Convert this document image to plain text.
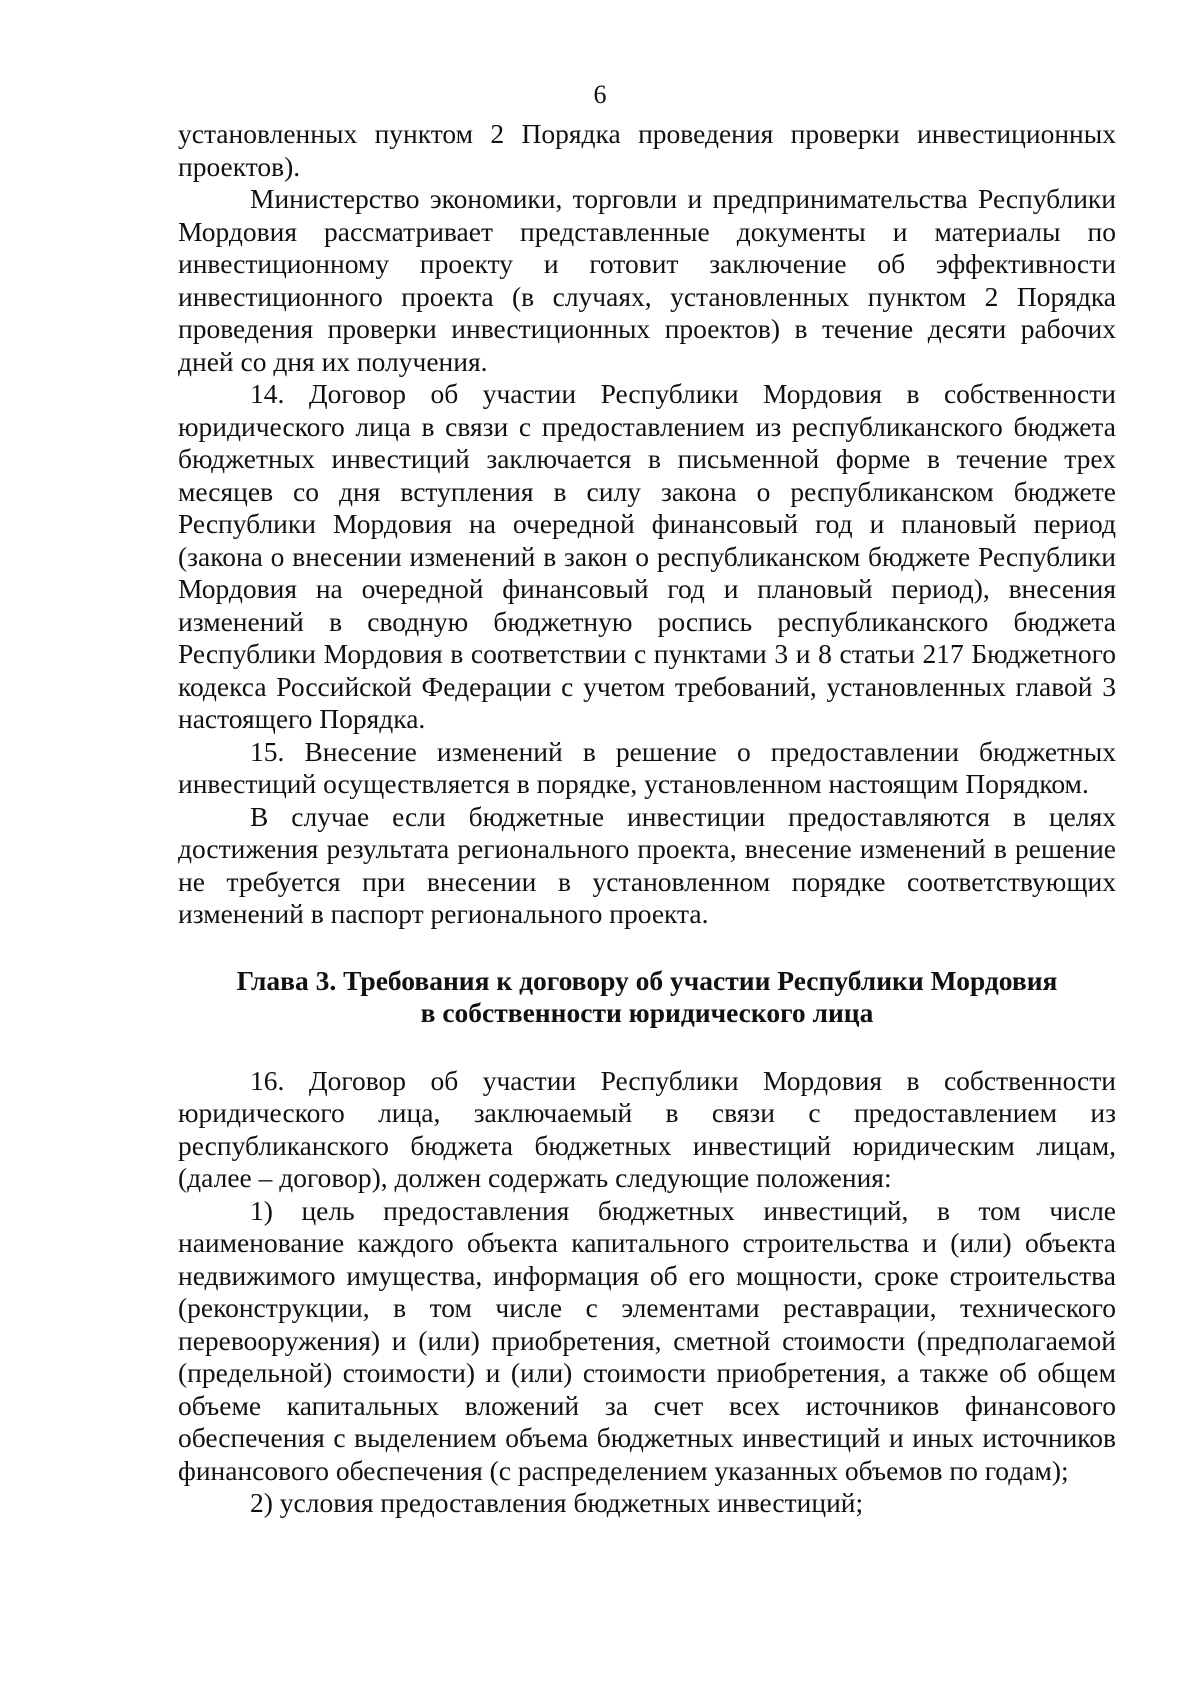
6

установленных пунктом 2 Порядка проведения проверки инвестиционных проектов).

Министерство экономики, торговли и предпринимательства Республики Мордовия рассматривает представленные документы и материалы по инвестиционному проекту и готовит заключение об эффективности инвестиционного проекта (в случаях, установленных пунктом 2 Порядка проведения проверки инвестиционных проектов) в течение десяти рабочих дней со дня их получения.

14. Договор об участии Республики Мордовия в собственности юридического лица в связи с предоставлением из республиканского бюджета бюджетных инвестиций заключается в письменной форме в течение трех месяцев со дня вступления в силу закона о республиканском бюджете Республики Мордовия на очередной финансовый год и плановый период (закона о внесении изменений в закон о республиканском бюджете Республики Мордовия на очередной финансовый год и плановый период), внесения изменений в сводную бюджетную роспись республиканского бюджета Республики Мордовия в соответствии с пунктами 3 и 8 статьи 217 Бюджетного кодекса Российской Федерации с учетом требований, установленных главой 3 настоящего Порядка.

15. Внесение изменений в решение о предоставлении бюджетных инвестиций осуществляется в порядке, установленном настоящим Порядком.

В случае если бюджетные инвестиции предоставляются в целях достижения результата регионального проекта, внесение изменений в решение не требуется при внесении в установленном порядке соответствующих изменений в паспорт регионального проекта.

Глава 3. Требования к договору об участии Республики Мордовия
в собственности юридического лица

16. Договор об участии Республики Мордовия в собственности юридического лица, заключаемый в связи с предоставлением из республиканского бюджета бюджетных инвестиций юридическим лицам, (далее – договор), должен содержать следующие положения:

1) цель предоставления бюджетных инвестиций, в том числе наименование каждого объекта капитального строительства и (или) объекта недвижимого имущества, информация об его мощности, сроке строительства (реконструкции, в том числе с элементами реставрации, технического перевооружения) и (или) приобретения, сметной стоимости (предполагаемой (предельной) стоимости) и (или) стоимости приобретения, а также об общем объеме капитальных вложений за счет всех источников финансового обеспечения с выделением объема бюджетных инвестиций и иных источников финансового обеспечения (с распределением указанных объемов по годам);

2) условия предоставления бюджетных инвестиций;
